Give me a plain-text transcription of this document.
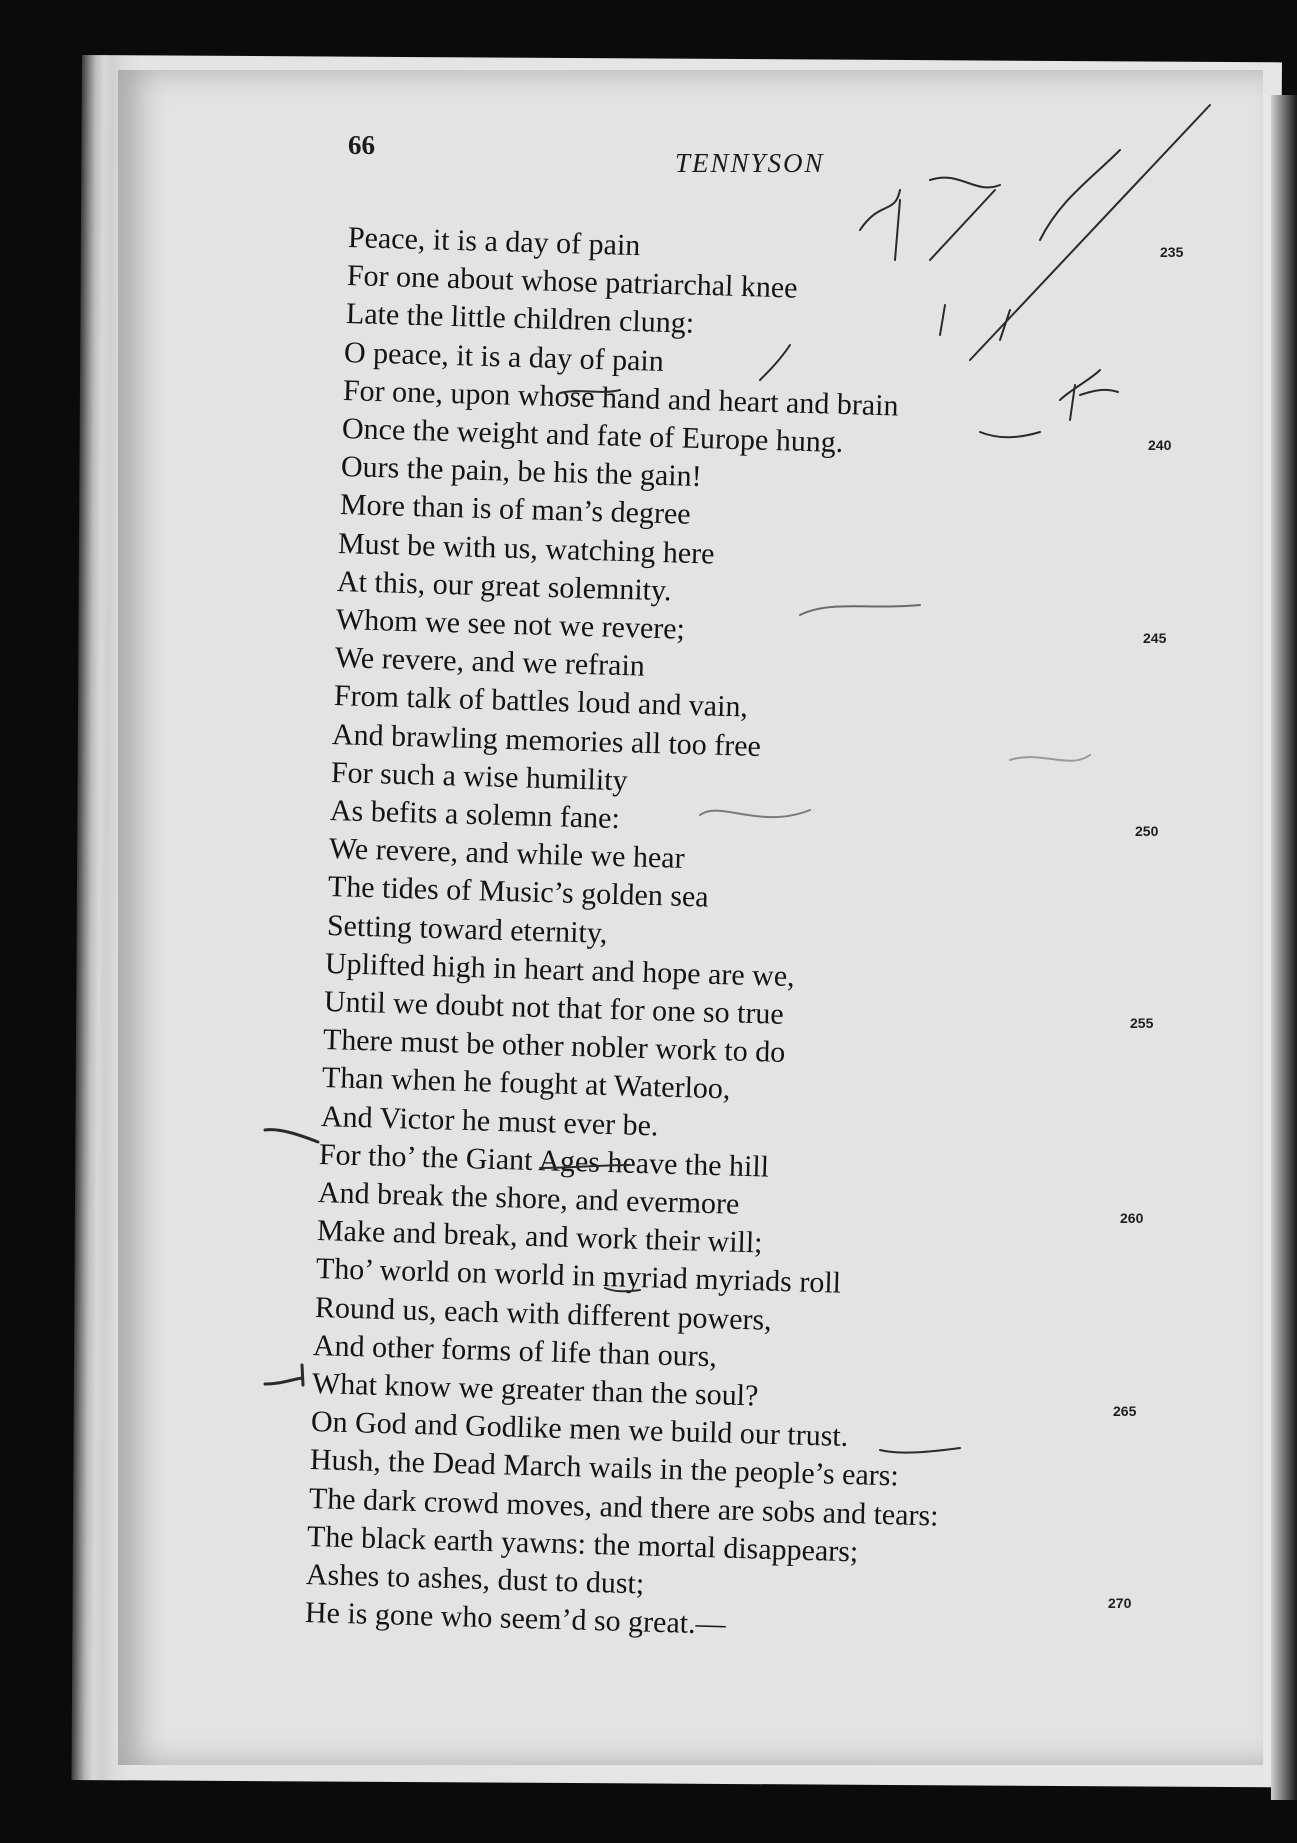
66
TENNYSON
Peace, it is a day of pain
For one about whose patriarchal knee
Late the little children clung:
O peace, it is a day of pain
For one, upon whose hand and heart and brain
Once the weight and fate of Europe hung.
Ours the pain, be his the gain!
More than is of man’s degree
Must be with us, watching here
At this, our great solemnity.
Whom we see not we revere;
We revere, and we refrain
From talk of battles loud and vain,
And brawling memories all too free
For such a wise humility
As befits a solemn fane:
We revere, and while we hear
The tides of Music’s golden sea
Setting toward eternity,
Uplifted high in heart and hope are we,
Until we doubt not that for one so true
There must be other nobler work to do
Than when he fought at Waterloo,
And Victor he must ever be.
For tho’ the Giant Ages heave the hill
And break the shore, and evermore
Make and break, and work their will;
Tho’ world on world in myriad myriads roll
Round us, each with different powers,
And other forms of life than ours,
What know we greater than the soul?
On God and Godlike men we build our trust.
Hush, the Dead March wails in the people’s ears:
The dark crowd moves, and there are sobs and tears:
The black earth yawns: the mortal disappears;
Ashes to ashes, dust to dust;
He is gone who seem’d so great.—
235
240
245
250
255
260
265
270
